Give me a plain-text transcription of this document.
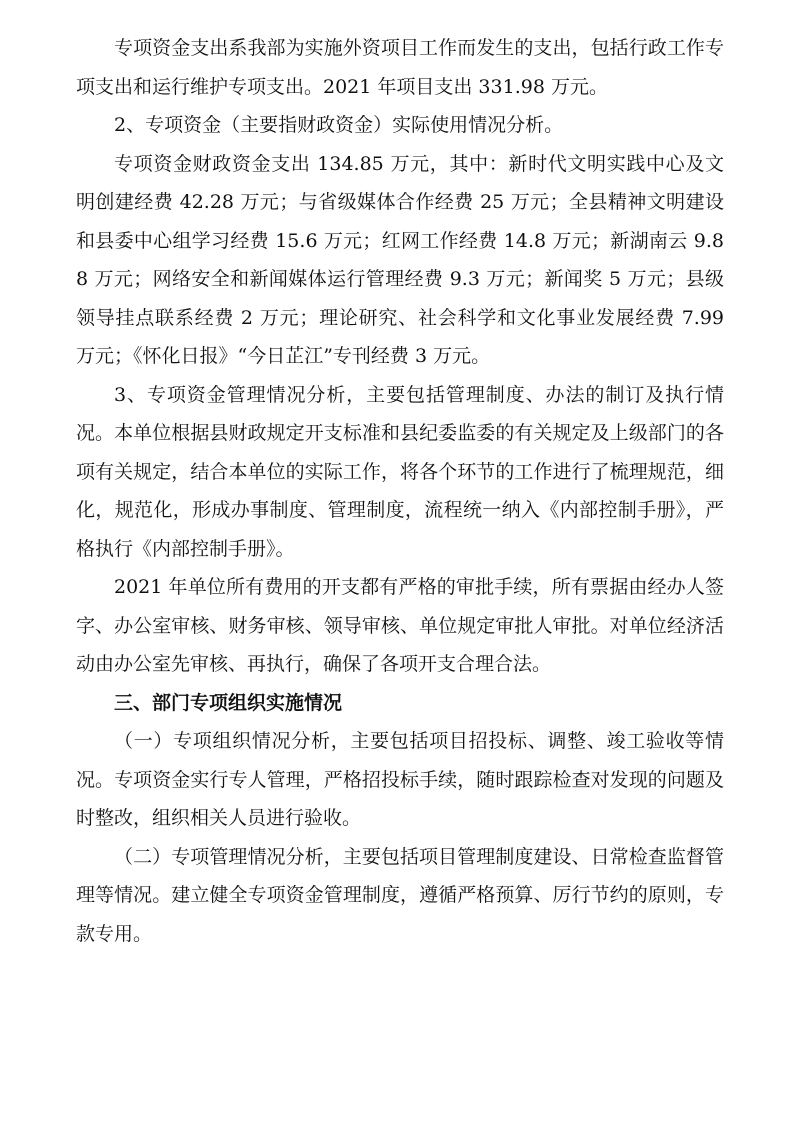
专项资金支出系我部为实施外资项目工作而发生的支出，包括行政工作专项支出和运行维护专项支出。2021 年项目支出 331.98 万元。

2、专项资金（主要指财政资金）实际使用情况分析。

专项资金财政资金支出 134.85 万元，其中：新时代文明实践中心及文明创建经费 42.28 万元；与省级媒体合作经费 25 万元；全县精神文明建设和县委中心组学习经费 15.6 万元；红网工作经费 14.8 万元；新湖南云 9.88 万元；网络安全和新闻媒体运行管理经费 9.3 万元；新闻奖 5 万元；县级领导挂点联系经费 2 万元；理论研究、社会科学和文化事业发展经费 7.99 万元；《怀化日报》“今日芷江”专刊经费 3 万元。

3、专项资金管理情况分析，主要包括管理制度、办法的制订及执行情况。本单位根据县财政规定开支标准和县纪委监委的有关规定及上级部门的各项有关规定，结合本单位的实际工作，将各个环节的工作进行了梳理规范，细化，规范化，形成办事制度、管理制度，流程统一纳入《内部控制手册》，严格执行《内部控制手册》。

2021 年单位所有费用的开支都有严格的审批手续，所有票据由经办人签字、办公室审核、财务审核、领导审核、单位规定审批人审批。对单位经济活动由办公室先审核、再执行，确保了各项开支合理合法。

三、部门专项组织实施情况

（一）专项组织情况分析，主要包括项目招投标、调整、竣工验收等情况。专项资金实行专人管理，严格招投标手续，随时跟踪检查对发现的问题及时整改，组织相关人员进行验收。

（二）专项管理情况分析，主要包括项目管理制度建设、日常检查监督管理等情况。建立健全专项资金管理制度，遵循严格预算、厉行节约的原则，专款专用。
